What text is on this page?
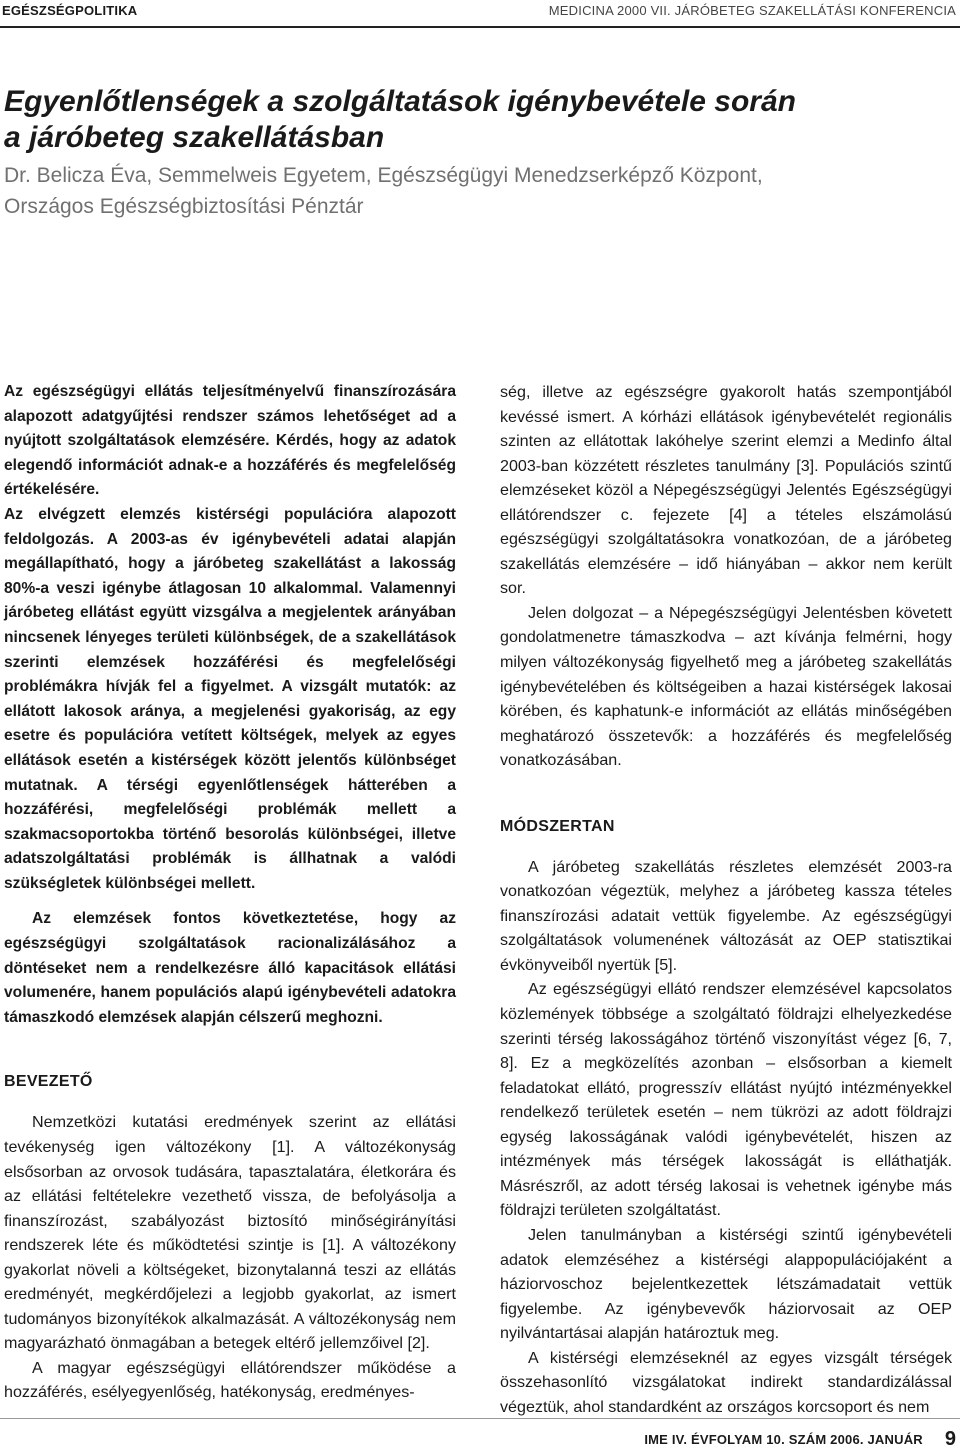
EGÉSZSÉGPOLITIKA	MEDICINA 2000 VII. JÁRÓBETEG SZAKELLÁTÁSI KONFERENCIA
Egyenlőtlenségek a szolgáltatások igénybevétele során
a járóbeteg szakellátásban
Dr. Belicza Éva, Semmelweis Egyetem, Egészségügyi Menedzserképző Központ,
Országos Egészségbiztosítási Pénztár

Az egészségügyi ellátás teljesítményelvű finanszírozására alapozott adatgyűjtési rendszer számos lehetőséget ad a nyújtott szolgáltatások elemzésére. Kérdés, hogy az adatok elegendő információt adnak-e a hozzáférés és megfelelőség értékelésére.

Az elvégzett elemzés kistérségi populációra alapozott feldolgozás. A 2003-as év igénybevételi adatai alapján megállapítható, hogy a járóbeteg szakellátást a lakosság 80%-a veszi igénybe átlagosan 10 alkalommal. Valamennyi járóbeteg ellátást együtt vizsgálva a megjelentek arányában nincsenek lényeges területi különbségek, de a szakellátások szerinti elemzések hozzáférési és megfelelőségi problémákra hívják fel a figyelmet. A vizsgált mutatók: az ellátott lakosok aránya, a megjelenési gyakoriság, az egy esetre és populációra vetített költségek, melyek az egyes ellátások esetén a kistérségek között jelentős különbséget mutatnak. A térségi egyenlőtlenségek hátterében a hozzáférési, megfelelőségi problémák mellett a szakmacsoportokba történő besorolás különbségei, illetve adatszolgáltatási problémák is állhatnak a valódi szükségletek különbségei mellett.

Az elemzések fontos következtetése, hogy az egészségügyi szolgáltatások racionalizálásához a döntéseket nem a rendelkezésre álló kapacitások ellátási volumenére, hanem populációs alapú igénybevételi adatokra támaszkodó elemzések alapján célszerű meghozni.

BEVEZETŐ

Nemzetközi kutatási eredmények szerint az ellátási tevékenység igen változékony [1]. A változékonyság elsősorban az orvosok tudására, tapasztalatára, életkorára és az ellátási feltételekre vezethető vissza, de befolyásolja a finanszírozást, szabályozást biztosító minőségirányítási rendszerek léte és működtetési szintje is [1]. A változékony gyakorlat növeli a költségeket, bizonytalanná teszi az ellátás eredményét, megkérdőjelezi a legjobb gyakorlat, az ismert tudományos bizonyítékok alkalmazását. A változékonyság nem magyarázható önmagában a betegek eltérő jellemzőivel [2].

A magyar egészségügyi ellátórendszer működése a hozzáférés, esélyegyenlőség, hatékonyság, eredményes-

ség, illetve az egészségre gyakorolt hatás szempontjából kevéssé ismert. A kórházi ellátások igénybevételét regionális szinten az ellátottak lakóhelye szerint elemzi a Medinfo által 2003-ban közzétett részletes tanulmány [3]. Populációs szintű elemzéseket közöl a Népegészségügyi Jelentés Egészségügyi ellátórendszer c. fejezete [4] a tételes elszámolású egészségügyi szolgáltatásokra vonatkozóan, de a járóbeteg szakellátás elemzésére – idő hiányában – akkor nem került sor.

Jelen dolgozat – a Népegészségügyi Jelentésben követett gondolatmenetre támaszkodva – azt kívánja felmérni, hogy milyen változékonyság figyelhető meg a járóbeteg szakellátás igénybevételében és költségeiben a hazai kistérségek lakosai körében, és kaphatunk-e információt az ellátás minőségében meghatározó összetevők: a hozzáférés és megfelelőség vonatkozásában.

MÓDSZERTAN

A járóbeteg szakellátás részletes elemzését 2003-ra vonatkozóan végeztük, melyhez a járóbeteg kassza tételes finanszírozási adatait vettük figyelembe. Az egészségügyi szolgáltatások volumenének változását az OEP statisztikai évkönyveiből nyertük [5].

Az egészségügyi ellátó rendszer elemzésével kapcsolatos közlemények többsége a szolgáltató földrajzi elhelyezkedése szerinti térség lakosságához történő viszonyítást végez [6, 7, 8]. Ez a megközelítés azonban – elsősorban a kiemelt feladatokat ellátó, progresszív ellátást nyújtó intézményekkel rendelkező területek esetén – nem tükrözi az adott földrajzi egység lakosságának valódi igénybevételét, hiszen az intézmények más térségek lakosságát is elláthatják. Másrészről, az adott térség lakosai is vehetnek igénybe más földrajzi területen szolgáltatást.

Jelen tanulmányban a kistérségi szintű igénybevételi adatok elemzéséhez a kistérségi alappopulációjaként a háziorvoschoz bejelentkezettek létszámadatait vettük figyelembe. Az igénybevevők háziorvosait az OEP nyilvántartásai alapján határoztuk meg.

A kistérségi elemzéseknél az egyes vizsgált térségek összehasonlító vizsgálatokat indirekt standardizálással végeztük, ahol standardként az országos korcsoport és nem

IME IV. ÉVFOLYAM 10. SZÁM 2006. JANUÁR 9
